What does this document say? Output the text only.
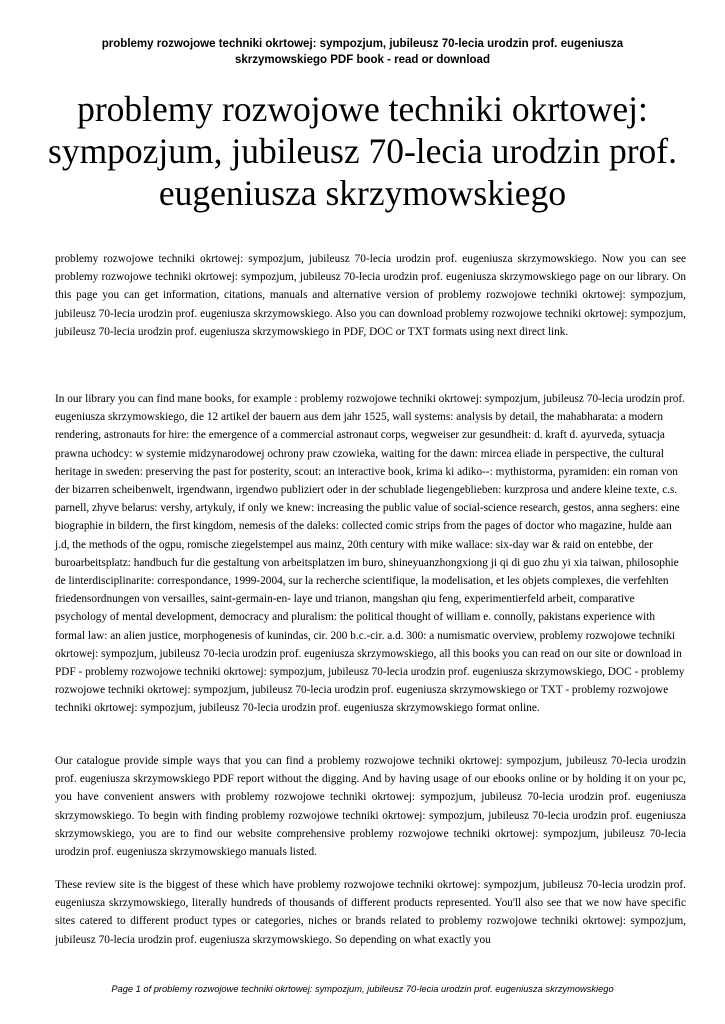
problemy rozwojowe techniki okrtowej: sympozjum, jubileusz 70-lecia urodzin prof. eugeniusza skrzymowskiego PDF book - read or download
problemy rozwojowe techniki okrtowej: sympozjum, jubileusz 70-lecia urodzin prof. eugeniusza skrzymowskiego

problemy rozwojowe techniki okrtowej: sympozjum, jubileusz 70-lecia urodzin prof. eugeniusza skrzymowskiego. Now you can see problemy rozwojowe techniki okrtowej: sympozjum, jubileusz 70-lecia urodzin prof. eugeniusza skrzymowskiego page on our library. On this page you can get information, citations, manuals and alternative version of problemy rozwojowe techniki okrtowej: sympozjum, jubileusz 70-lecia urodzin prof. eugeniusza skrzymowskiego. Also you can download problemy rozwojowe techniki okrtowej: sympozjum, jubileusz 70-lecia urodzin prof. eugeniusza skrzymowskiego in PDF, DOC or TXT formats using next direct link.

In our library you can find mane books, for example : problemy rozwojowe techniki okrtowej: sympozjum, jubileusz 70-lecia urodzin prof. eugeniusza skrzymowskiego, die 12 artikel der bauern aus dem jahr 1525, wall systems: analysis by detail, the mahabharata: a modern rendering, astronauts for hire: the emergence of a commercial astronaut corps, wegweiser zur gesundheit: d. kraft d. ayurveda, sytuacja prawna uchodcy: w systemie midzynarodowej ochrony praw czowieka, waiting for the dawn: mircea eliade in perspective, the cultural heritage in sweden: preserving the past for posterity, scout: an interactive book, krima ki adiko--: mythistorma, pyramiden: ein roman von der bizarren scheibenwelt, irgendwann, irgendwo publiziert oder in der schublade liegengeblieben: kurzprosa und andere kleine texte, c.s. parnell, zhyve belarus: vershy, artykuly, if only we knew: increasing the public value of social-science research, gestos, anna seghers: eine biographie in bildern, the first kingdom, nemesis of the daleks: collected comic strips from the pages of doctor who magazine, hulde aan j.d, the methods of the ogpu, romische ziegelstempel aus mainz, 20th century with mike wallace: six-day war & raid on entebbe, der buroarbeitsplatz: handbuch fur die gestaltung von arbeitsplatzen im buro, shineyuanzhongxiong ji qi di guo zhu yi xia taiwan, philosophie de linterdisciplinarite: correspondance, 1999-2004, sur la recherche scientifique, la modelisation, et les objets complexes, die verfehlten friedensordnungen von versailles, saint-germain-en- laye und trianon, mangshan qiu feng, experimentierfeld arbeit, comparative psychology of mental development, democracy and pluralism: the political thought of william e. connolly, pakistans experience with formal law: an alien justice, morphogenesis of kunindas, cir. 200 b.c.-cir. a.d. 300: a numismatic overview, problemy rozwojowe techniki okrtowej: sympozjum, jubileusz 70-lecia urodzin prof. eugeniusza skrzymowskiego, all this books you can read on our site or download in PDF - problemy rozwojowe techniki okrtowej: sympozjum, jubileusz 70-lecia urodzin prof. eugeniusza skrzymowskiego, DOC - problemy rozwojowe techniki okrtowej: sympozjum, jubileusz 70-lecia urodzin prof. eugeniusza skrzymowskiego or TXT - problemy rozwojowe techniki okrtowej: sympozjum, jubileusz 70-lecia urodzin prof. eugeniusza skrzymowskiego format online.

Our catalogue provide simple ways that you can find a problemy rozwojowe techniki okrtowej: sympozjum, jubileusz 70-lecia urodzin prof. eugeniusza skrzymowskiego PDF report without the digging. And by having usage of our ebooks online or by holding it on your pc, you have convenient answers with problemy rozwojowe techniki okrtowej: sympozjum, jubileusz 70-lecia urodzin prof. eugeniusza skrzymowskiego. To begin with finding problemy rozwojowe techniki okrtowej: sympozjum, jubileusz 70-lecia urodzin prof. eugeniusza skrzymowskiego, you are to find our website comprehensive problemy rozwojowe techniki okrtowej: sympozjum, jubileusz 70-lecia urodzin prof. eugeniusza skrzymowskiego manuals listed.

These review site is the biggest of these which have problemy rozwojowe techniki okrtowej: sympozjum, jubileusz 70-lecia urodzin prof. eugeniusza skrzymowskiego, literally hundreds of thousands of different products represented. You'll also see that we now have specific sites catered to different product types or categories, niches or brands related to problemy rozwojowe techniki okrtowej: sympozjum, jubileusz 70-lecia urodzin prof. eugeniusza skrzymowskiego. So depending on what exactly you

Page 1 of problemy rozwojowe techniki okrtowej: sympozjum, jubileusz 70-lecia urodzin prof. eugeniusza skrzymowskiego
